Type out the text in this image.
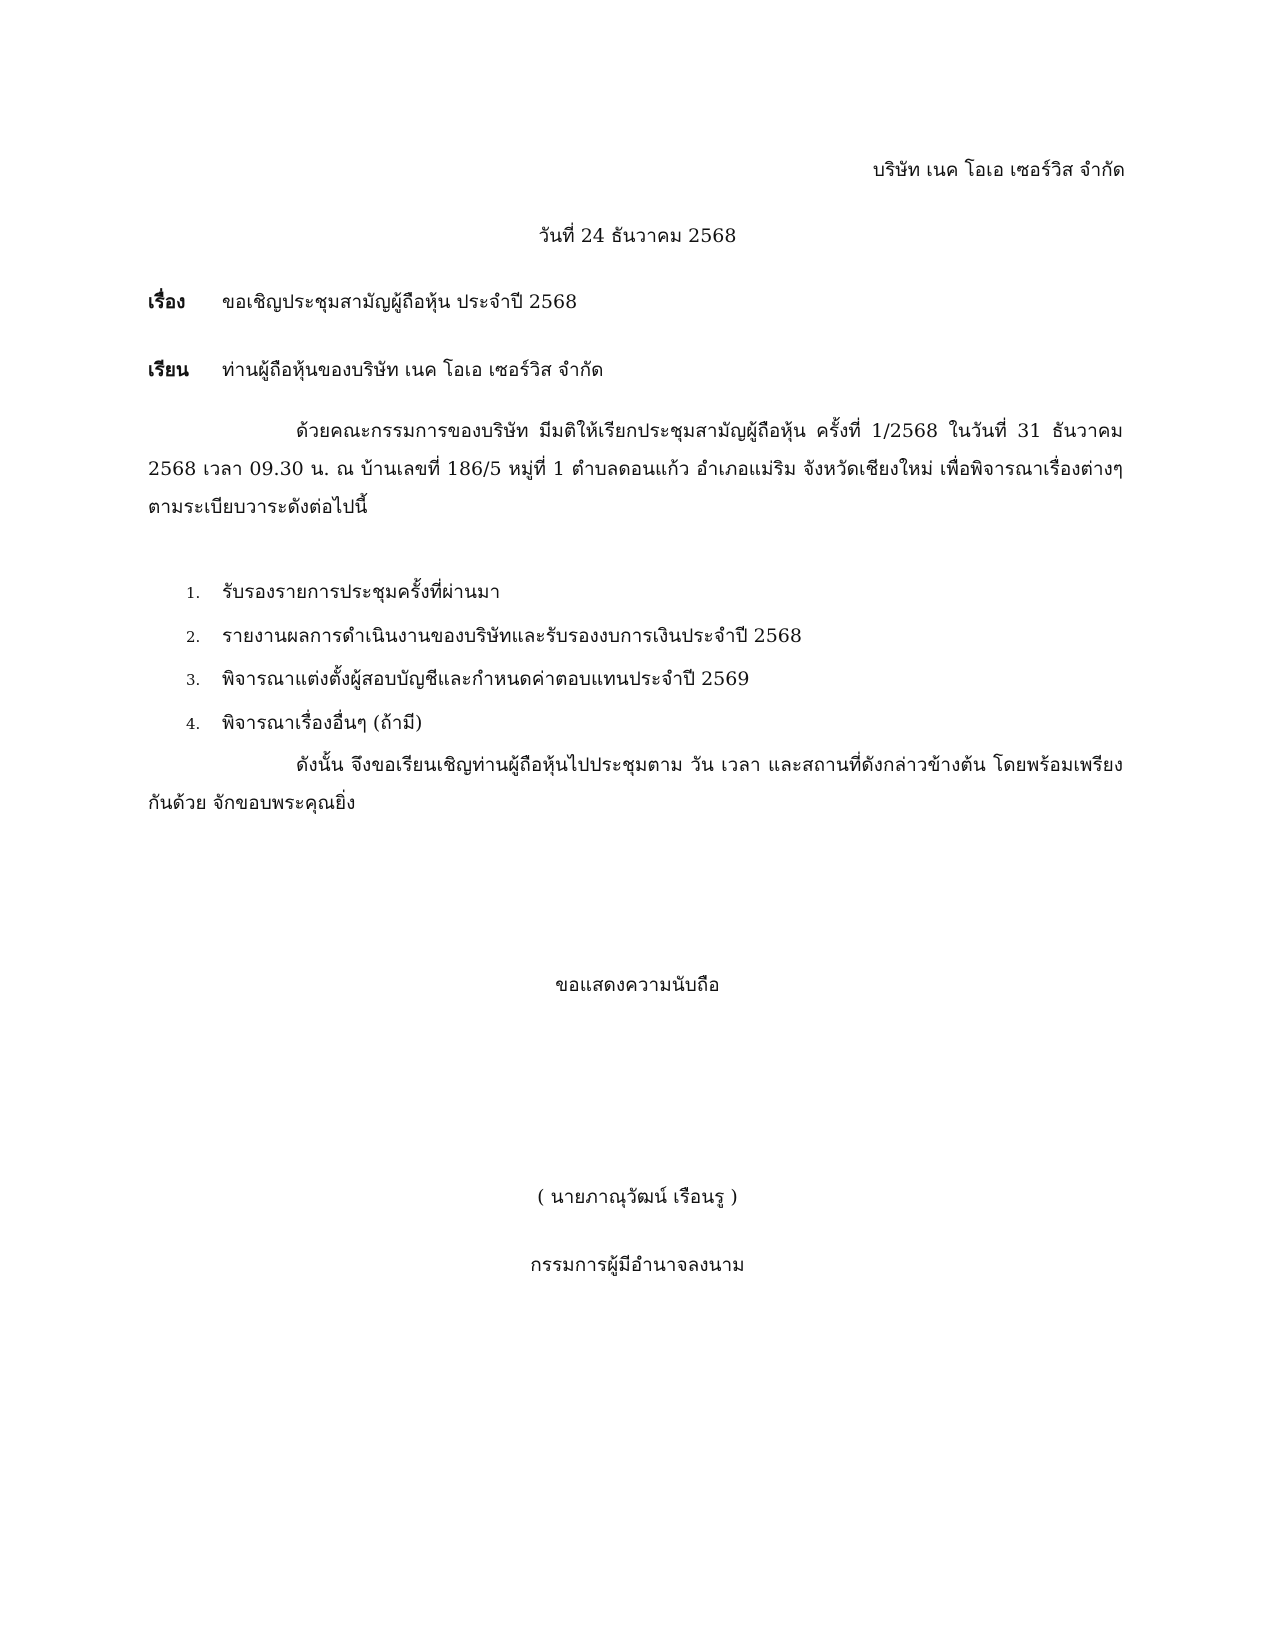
บริษัท เนค โอเอ เซอร์วิส จำกัด
วันที่ 24 ธันวาคม 2568
เรื่อง ขอเชิญประชุมสามัญผู้ถือหุ้น ประจำปี 2568
เรียน ท่านผู้ถือหุ้นของบริษัท เนค โอเอ เซอร์วิส จำกัด
ด้วยคณะกรรมการของบริษัท มีมติให้เรียกประชุมสามัญผู้ถือหุ้น ครั้งที่ 1/2568 ในวันที่ 31 ธันวาคม 2568 เวลา 09.30 น. ณ บ้านเลขที่ 186/5 หมู่ที่ 1 ตำบลดอนแก้ว อำเภอแม่ริม จังหวัดเชียงใหม่ เพื่อพิจารณาเรื่องต่างๆ ตามระเบียบวาระดังต่อไปนี้
1. รับรองรายการประชุมครั้งที่ผ่านมา
2. รายงานผลการดำเนินงานของบริษัทและรับรองงบการเงินประจำปี 2568
3. พิจารณาแต่งตั้งผู้สอบบัญชีและกำหนดค่าตอบแทนประจำปี 2569
4. พิจารณาเรื่องอื่นๆ (ถ้ามี)
ดังนั้น จึงขอเรียนเชิญท่านผู้ถือหุ้นไปประชุมตาม วัน เวลา และสถานที่ดังกล่าวข้างต้น โดยพร้อมเพรียงกันด้วย จักขอบพระคุณยิ่ง
ขอแสดงความนับถือ
( นายภาณุวัฒน์ เรือนรู )
กรรมการผู้มีอำนาจลงนาม
